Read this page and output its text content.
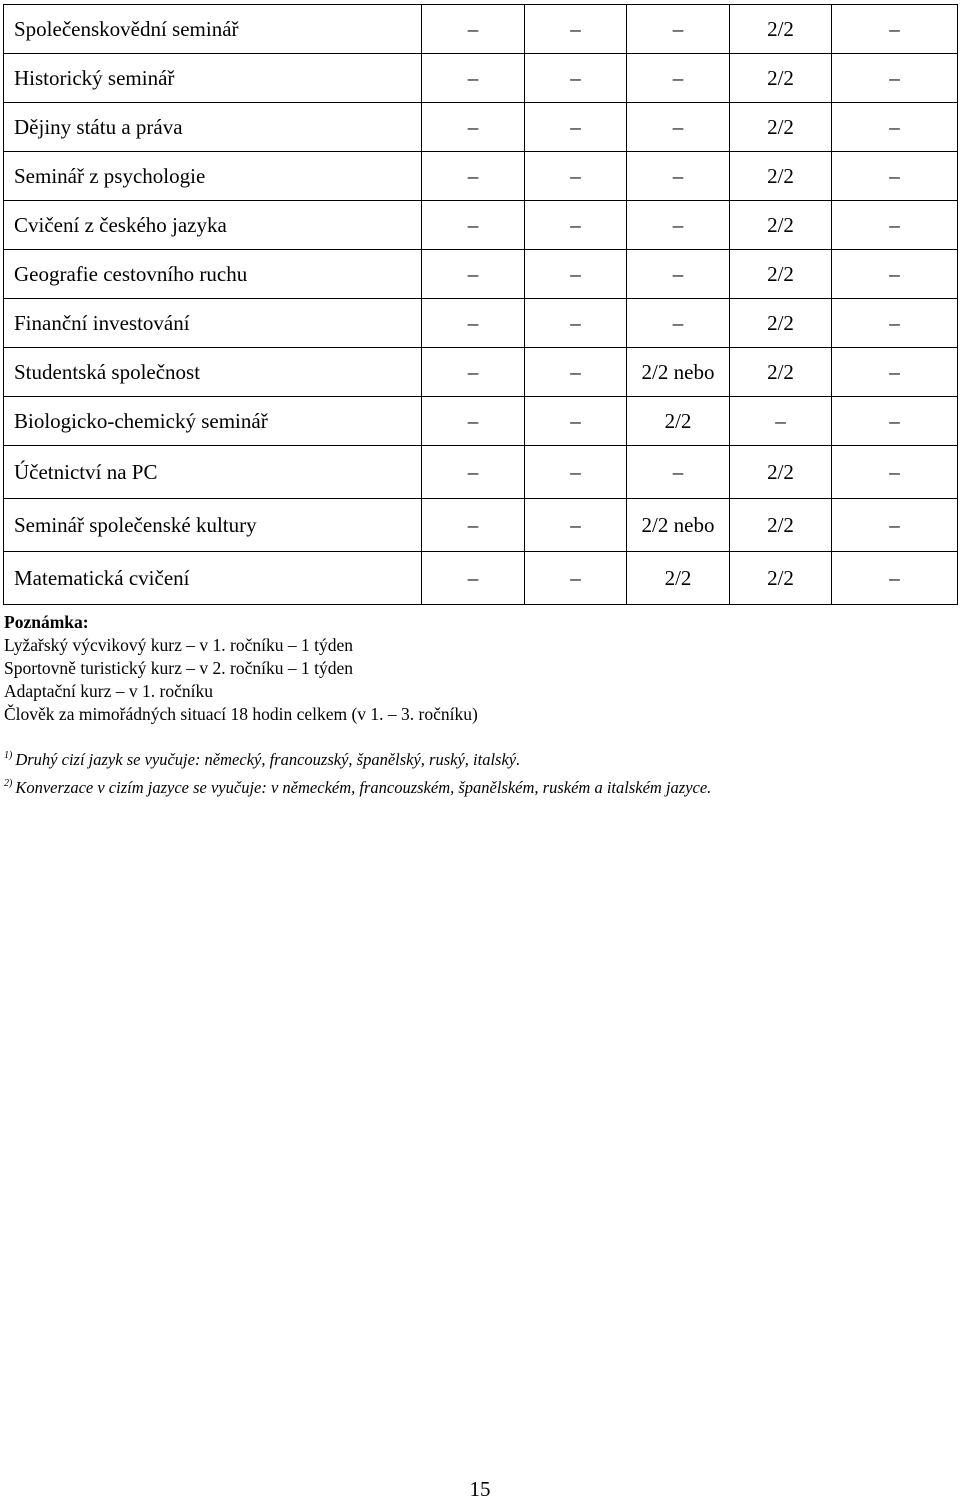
Společenskovědní seminář	–	–	–	2/2	–
Historický seminář	–	–	–	2/2	–
Dějiny státu a práva	–	–	–	2/2	–
Seminář z psychologie	–	–	–	2/2	–
Cvičení z českého jazyka	–	–	–	2/2	–
Geografie cestovního ruchu	–	–	–	2/2	–
Finanční investování	–	–	–	2/2	–
Studentská společnost	–	–	2/2 nebo	2/2	–
Biologicko-chemický seminář	–	–	2/2	–	–
Účetnictví na PC	–	–	–	2/2	–
Seminář společenské kultury	–	–	2/2 nebo	2/2	–
Matematická cvičení	–	–	2/2	2/2	–
Poznámka:
Lyžařský výcvikový kurz – v 1. ročníku – 1 týden
Sportovně turistický kurz – v 2. ročníku – 1 týden
Adaptační kurz – v 1. ročníku
Člověk za mimořádných situací 18 hodin celkem (v 1. – 3. ročníku)
$^{1)}$ Druhý cizí jazyk se vyučuje: německý, francouzský, španělský, ruský, italský.
$^{2)}$ Konverzace v cizím jazyce se vyučuje: v německém, francouzském, španělském, ruském a italském jazyce.
15
